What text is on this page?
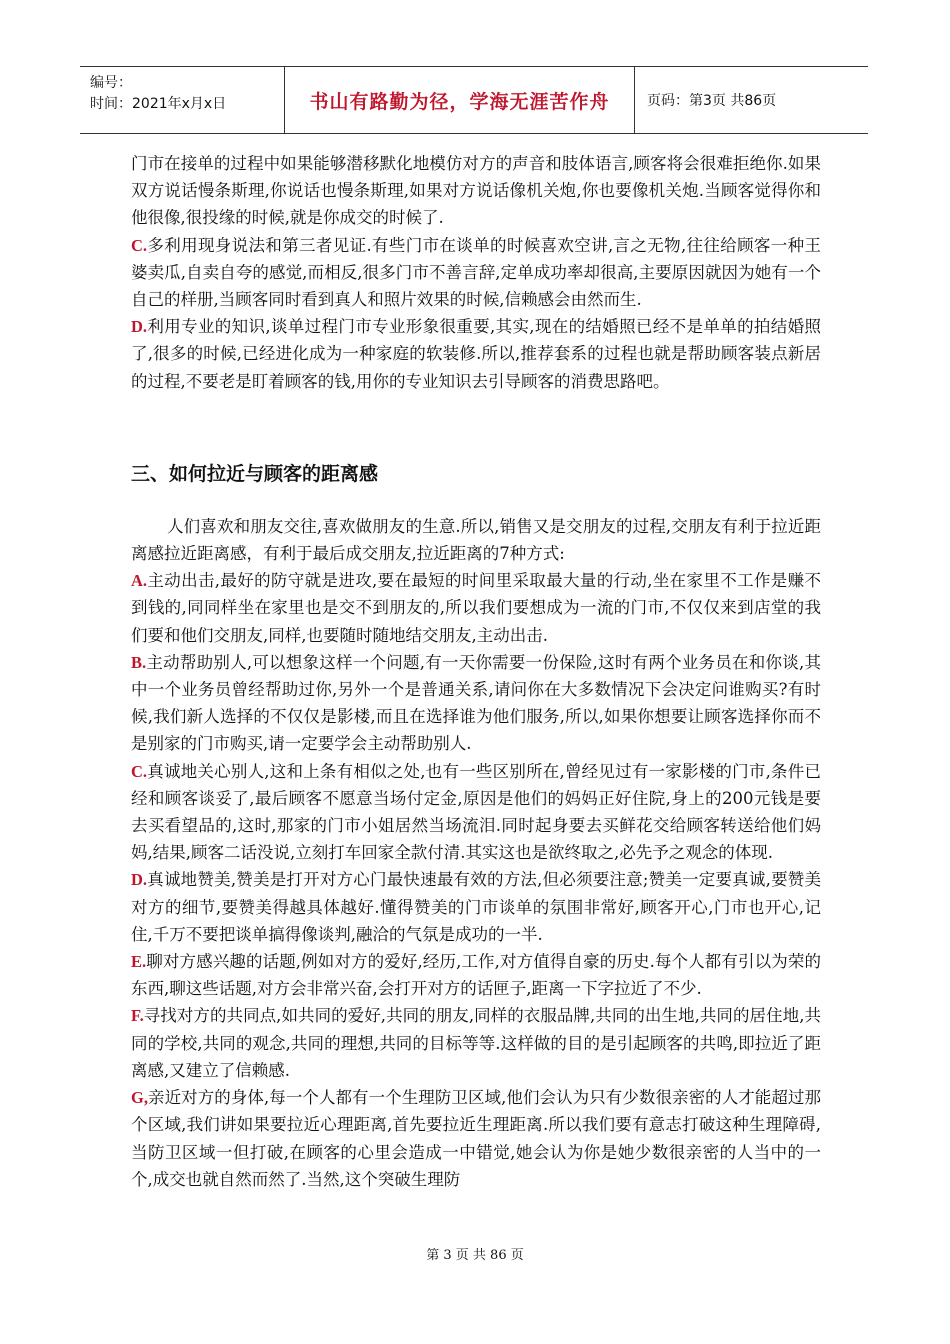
编号：
时间：2021年x月x日	书山有路勤为径，学海无涯苦作舟	页码：第3页 共86页

门市在接单的过程中如果能够潜移默化地模仿对方的声音和肢体语言,顾客将会很难拒绝你.如果双方说话慢条斯理,你说话也慢条斯理,如果对方说话像机关炮,你也要像机关炮.当顾客觉得你和他很像,很投缘的时候,就是你成交的时候了.

C.多利用现身说法和第三者见证.有些门市在谈单的时候喜欢空讲,言之无物,往往给顾客一种王婆卖瓜,自卖自夸的感觉,而相反,很多门市不善言辞,定单成功率却很高,主要原因就因为她有一个自己的样册,当顾客同时看到真人和照片效果的时候,信赖感会由然而生.

D.利用专业的知识,谈单过程门市专业形象很重要,其实,现在的结婚照已经不是单单的拍结婚照了,很多的时候,已经进化成为一种家庭的软装修.所以,推荐套系的过程也就是帮助顾客装点新居的过程,不要老是盯着顾客的钱,用你的专业知识去引导顾客的消费思路吧。

三、如何拉近与顾客的距离感

人们喜欢和朋友交往,喜欢做朋友的生意.所以,销售又是交朋友的过程,交朋友有利于拉近距离感拉近距离感，有利于最后成交朋友,拉近距离的7种方式:

A.主动出击,最好的防守就是进攻,要在最短的时间里采取最大量的行动,坐在家里不工作是赚不到钱的,同同样坐在家里也是交不到朋友的,所以我们要想成为一流的门市,不仅仅来到店堂的我们要和他们交朋友,同样,也要随时随地结交朋友,主动出击.

B.主动帮助别人,可以想象这样一个问题,有一天你需要一份保险,这时有两个业务员在和你谈,其中一个业务员曾经帮助过你,另外一个是普通关系,请问你在大多数情况下会决定问谁购买?有时候,我们新人选择的不仅仅是影楼,而且在选择谁为他们服务,所以,如果你想要让顾客选择你而不是别家的门市购买,请一定要学会主动帮助别人.

C.真诚地关心别人,这和上条有相似之处,也有一些区别所在,曾经见过有一家影楼的门市,条件已经和顾客谈妥了,最后顾客不愿意当场付定金,原因是他们的妈妈正好住院,身上的200元钱是要去买看望品的,这时,那家的门市小姐居然当场流泪.同时起身要去买鲜花交给顾客转送给他们妈妈,结果,顾客二话没说,立刻打车回家全款付清.其实这也是欲终取之,必先予之观念的体现.

D.真诚地赞美,赞美是打开对方心门最快速最有效的方法,但必须要注意;赞美一定要真诚,要赞美对方的细节,要赞美得越具体越好.懂得赞美的门市谈单的氛围非常好,顾客开心,门市也开心,记住,千万不要把谈单搞得像谈判,融洽的气氛是成功的一半.

E.聊对方感兴趣的话题,例如对方的爱好,经历,工作,对方值得自豪的历史.每个人都有引以为荣的东西,聊这些话题,对方会非常兴奋,会打开对方的话匣子,距离一下字拉近了不少.

F.寻找对方的共同点,如共同的爱好,共同的朋友,同样的衣服品牌,共同的出生地,共同的居住地,共同的学校,共同的观念,共同的理想,共同的目标等等.这样做的目的是引起顾客的共鸣,即拉近了距离感,又建立了信赖感.

G,亲近对方的身体,每一个人都有一个生理防卫区域,他们会认为只有少数很亲密的人才能超过那个区域,我们讲如果要拉近心理距离,首先要拉近生理距离.所以我们要有意志打破这种生理障碍,当防卫区域一但打破,在顾客的心里会造成一中错觉,她会认为你是她少数很亲密的人当中的一个,成交也就自然而然了.当然,这个突破生理防

第 3 页 共 86 页
